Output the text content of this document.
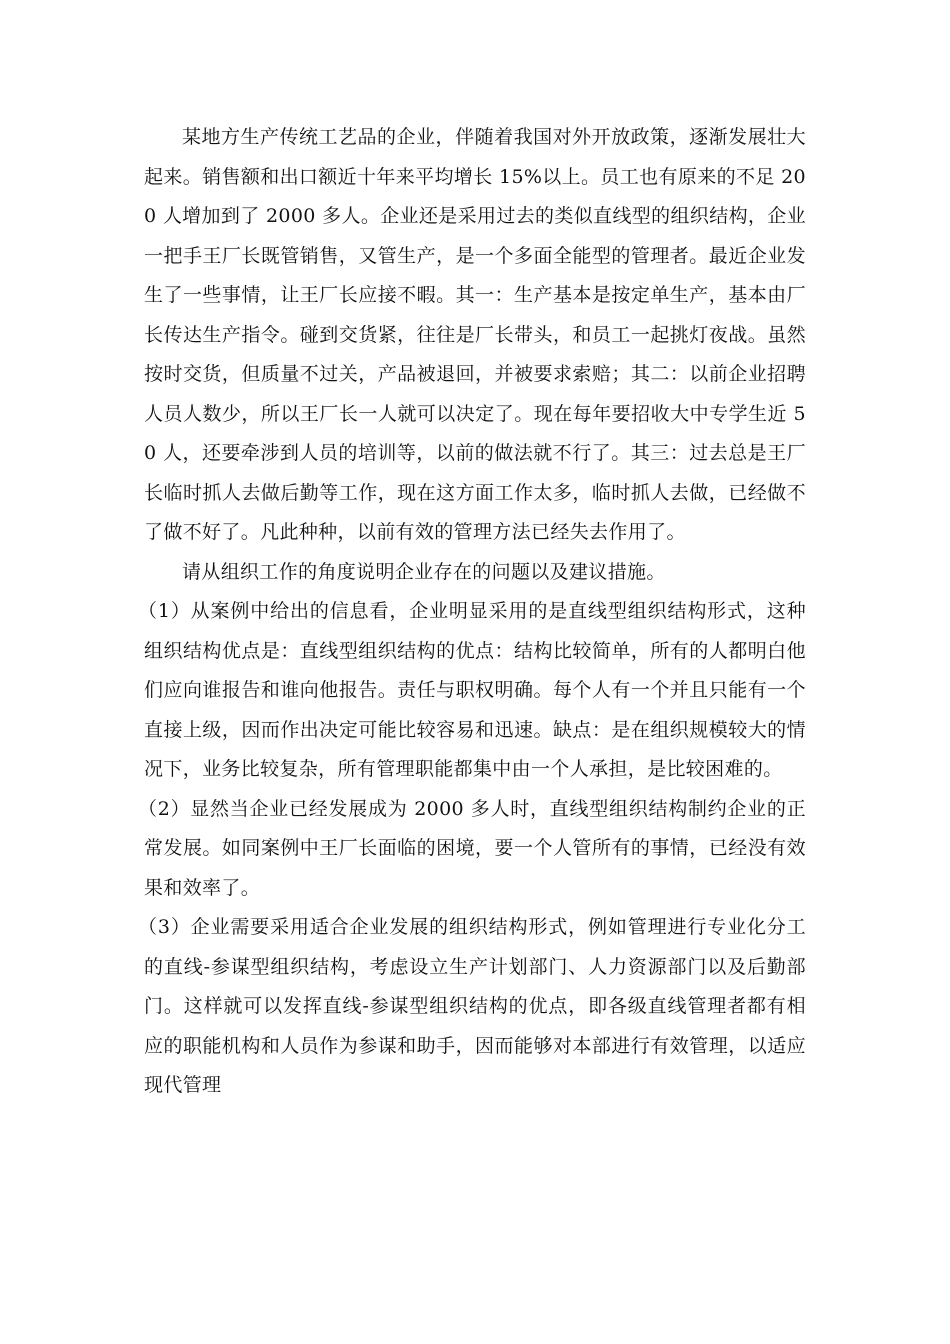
某地方生产传统工艺品的企业，伴随着我国对外开放政策，逐渐发展壮大起来。销售额和出口额近十年来平均增长 15%以上。员工也有原来的不足 200 人增加到了 2000 多人。企业还是采用过去的类似直线型的组织结构，企业一把手王厂长既管销售，又管生产，是一个多面全能型的管理者。最近企业发生了一些事情，让王厂长应接不暇。其一：生产基本是按定单生产，基本由厂长传达生产指令。碰到交货紧，往往是厂长带头，和员工一起挑灯夜战。虽然按时交货，但质量不过关，产品被退回，并被要求索赔；其二：以前企业招聘人员人数少，所以王厂长一人就可以决定了。现在每年要招收大中专学生近 50 人，还要牵涉到人员的培训等，以前的做法就不行了。其三：过去总是王厂长临时抓人去做后勤等工作，现在这方面工作太多，临时抓人去做，已经做不了做不好了。凡此种种，以前有效的管理方法已经失去作用了。

请从组织工作的角度说明企业存在的问题以及建议措施。

（1）从案例中给出的信息看，企业明显采用的是直线型组织结构形式，这种组织结构优点是：直线型组织结构的优点：结构比较简单，所有的人都明白他们应向谁报告和谁向他报告。责任与职权明确。每个人有一个并且只能有一个直接上级，因而作出决定可能比较容易和迅速。缺点：是在组织规模较大的情况下，业务比较复杂，所有管理职能都集中由一个人承担，是比较困难的。

（2）显然当企业已经发展成为 2000 多人时，直线型组织结构制约企业的正常发展。如同案例中王厂长面临的困境，要一个人管所有的事情，已经没有效果和效率了。

（3）企业需要采用适合企业发展的组织结构形式，例如管理进行专业化分工的直线-参谋型组织结构，考虑设立生产计划部门、人力资源部门以及后勤部门。这样就可以发挥直线-参谋型组织结构的优点，即各级直线管理者都有相应的职能机构和人员作为参谋和助手，因而能够对本部进行有效管理，以适应现代管理
